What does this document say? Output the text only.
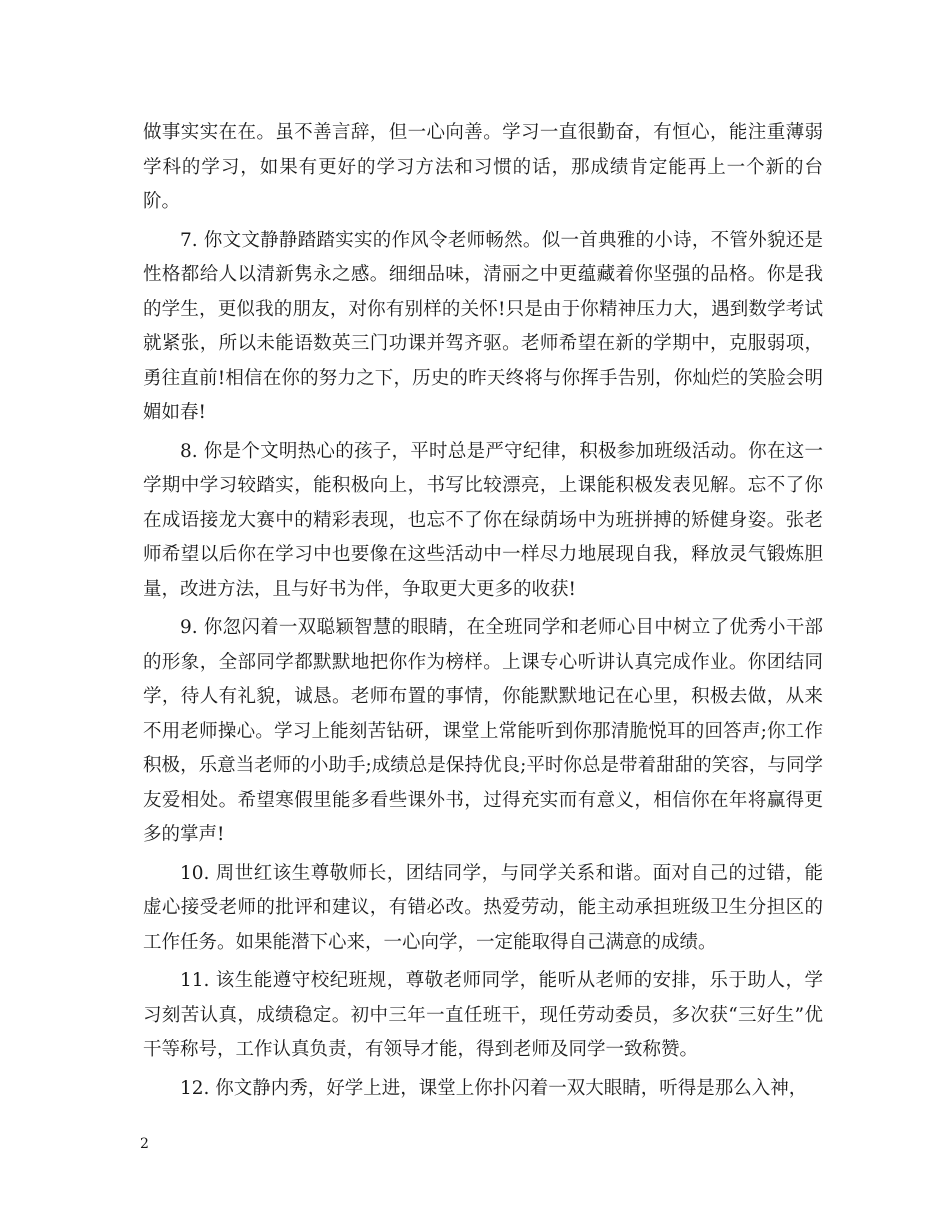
做事实实在在。虽不善言辞，但一心向善。学习一直很勤奋，有恒心，能注重薄弱学科的学习，如果有更好的学习方法和习惯的话，那成绩肯定能再上一个新的台阶。

7. 你文文静静踏踏实实的作风令老师畅然。似一首典雅的小诗，不管外貌还是性格都给人以清新隽永之感。细细品味，清丽之中更蕴藏着你坚强的品格。你是我的学生，更似我的朋友，对你有别样的关怀!只是由于你精神压力大，遇到数学考试就紧张，所以未能语数英三门功课并驾齐驱。老师希望在新的学期中，克服弱项，勇往直前!相信在你的努力之下，历史的昨天终将与你挥手告别，你灿烂的笑脸会明媚如春!

8. 你是个文明热心的孩子，平时总是严守纪律，积极参加班级活动。你在这一学期中学习较踏实，能积极向上，书写比较漂亮，上课能积极发表见解。忘不了你在成语接龙大赛中的精彩表现，也忘不了你在绿荫场中为班拼搏的矫健身姿。张老师希望以后你在学习中也要像在这些活动中一样尽力地展现自我，释放灵气锻炼胆量，改进方法，且与好书为伴，争取更大更多的收获!

9. 你忽闪着一双聪颖智慧的眼睛，在全班同学和老师心目中树立了优秀小干部的形象，全部同学都默默地把你作为榜样。上课专心听讲认真完成作业。你团结同学，待人有礼貌，诚恳。老师布置的事情，你能默默地记在心里，积极去做，从来不用老师操心。学习上能刻苦钻研，课堂上常能听到你那清脆悦耳的回答声;你工作积极，乐意当老师的小助手;成绩总是保持优良;平时你总是带着甜甜的笑容，与同学友爱相处。希望寒假里能多看些课外书，过得充实而有意义，相信你在年将赢得更多的掌声!

10. 周世红该生尊敬师长，团结同学，与同学关系和谐。面对自己的过错，能虚心接受老师的批评和建议，有错必改。热爱劳动，能主动承担班级卫生分担区的工作任务。如果能潜下心来，一心向学，一定能取得自己满意的成绩。

11. 该生能遵守校纪班规，尊敬老师同学，能听从老师的安排，乐于助人，学习刻苦认真，成绩稳定。初中三年一直任班干，现任劳动委员，多次获“三好生”优干等称号，工作认真负责，有领导才能，得到老师及同学一致称赞。

12. 你文静内秀，好学上进，课堂上你扑闪着一双大眼睛，听得是那么入神，

2
